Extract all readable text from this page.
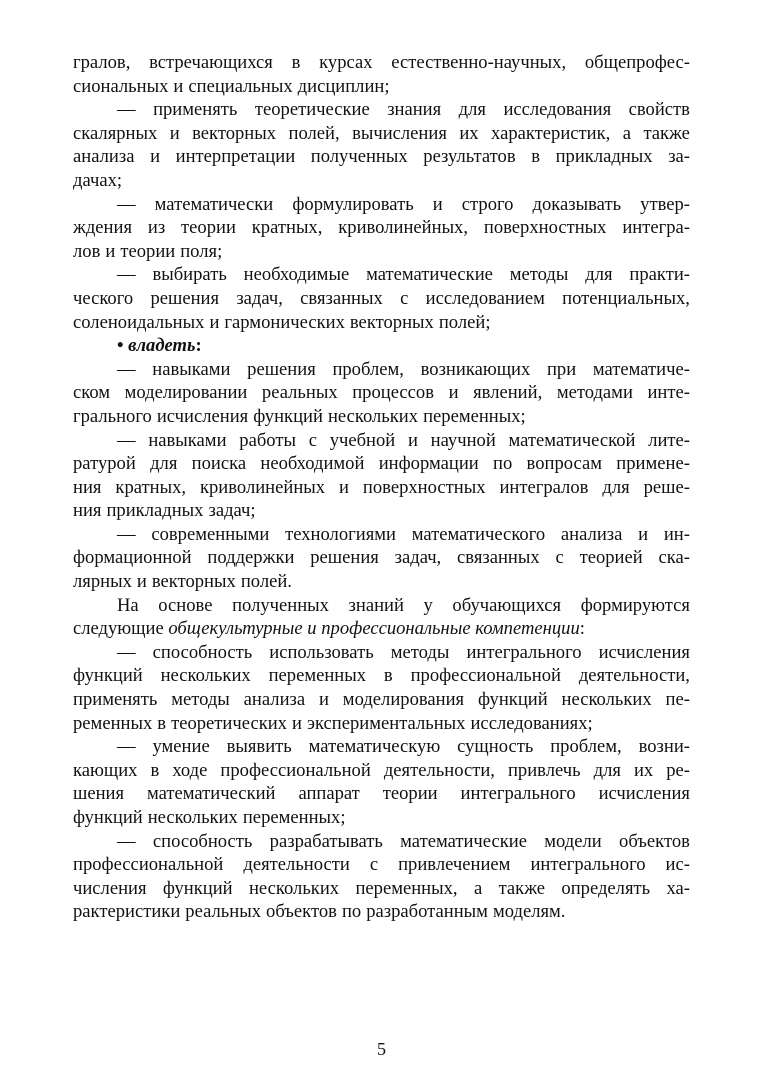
гралов, встречающихся в курсах естественно-научных, общепрофес-
сиональных и специальных дисциплин;
— применять теоретические знания для исследования свойств
скалярных и векторных полей, вычисления их характеристик, а также
анализа и интерпретации полученных результатов в прикладных за-
дачах;
— математически формулировать и строго доказывать утвер-
ждения из теории кратных, криволинейных, поверхностных интегра-
лов и теории поля;
— выбирать необходимые математические методы для практи-
ческого решения задач, связанных с исследованием потенциальных,
соленоидальных и гармонических векторных полей;
• владеть:
— навыками решения проблем, возникающих при математиче-
ском моделировании реальных процессов и явлений, методами инте-
грального исчисления функций нескольких переменных;
— навыками работы с учебной и научной математической лите-
ратурой для поиска необходимой информации по вопросам примене-
ния кратных, криволинейных и поверхностных интегралов для реше-
ния прикладных задач;
— современными технологиями математического анализа и ин-
формационной поддержки решения задач, связанных с теорией ска-
лярных и векторных полей.
На основе полученных знаний у обучающихся формируются
следующие общекультурные и профессиональные компетенции:
— способность использовать методы интегрального исчисления
функций нескольких переменных в профессиональной деятельности,
применять методы анализа и моделирования функций нескольких пе-
ременных в теоретических и экспериментальных исследованиях;
— умение выявить математическую сущность проблем, возни-
кающих в ходе профессиональной деятельности, привлечь для их ре-
шения математический аппарат теории интегрального исчисления
функций нескольких переменных;
— способность разрабатывать математические модели объектов
профессиональной деятельности с привлечением интегрального ис-
числения функций нескольких переменных, а также определять ха-
рактеристики реальных объектов по разработанным моделям.
5
